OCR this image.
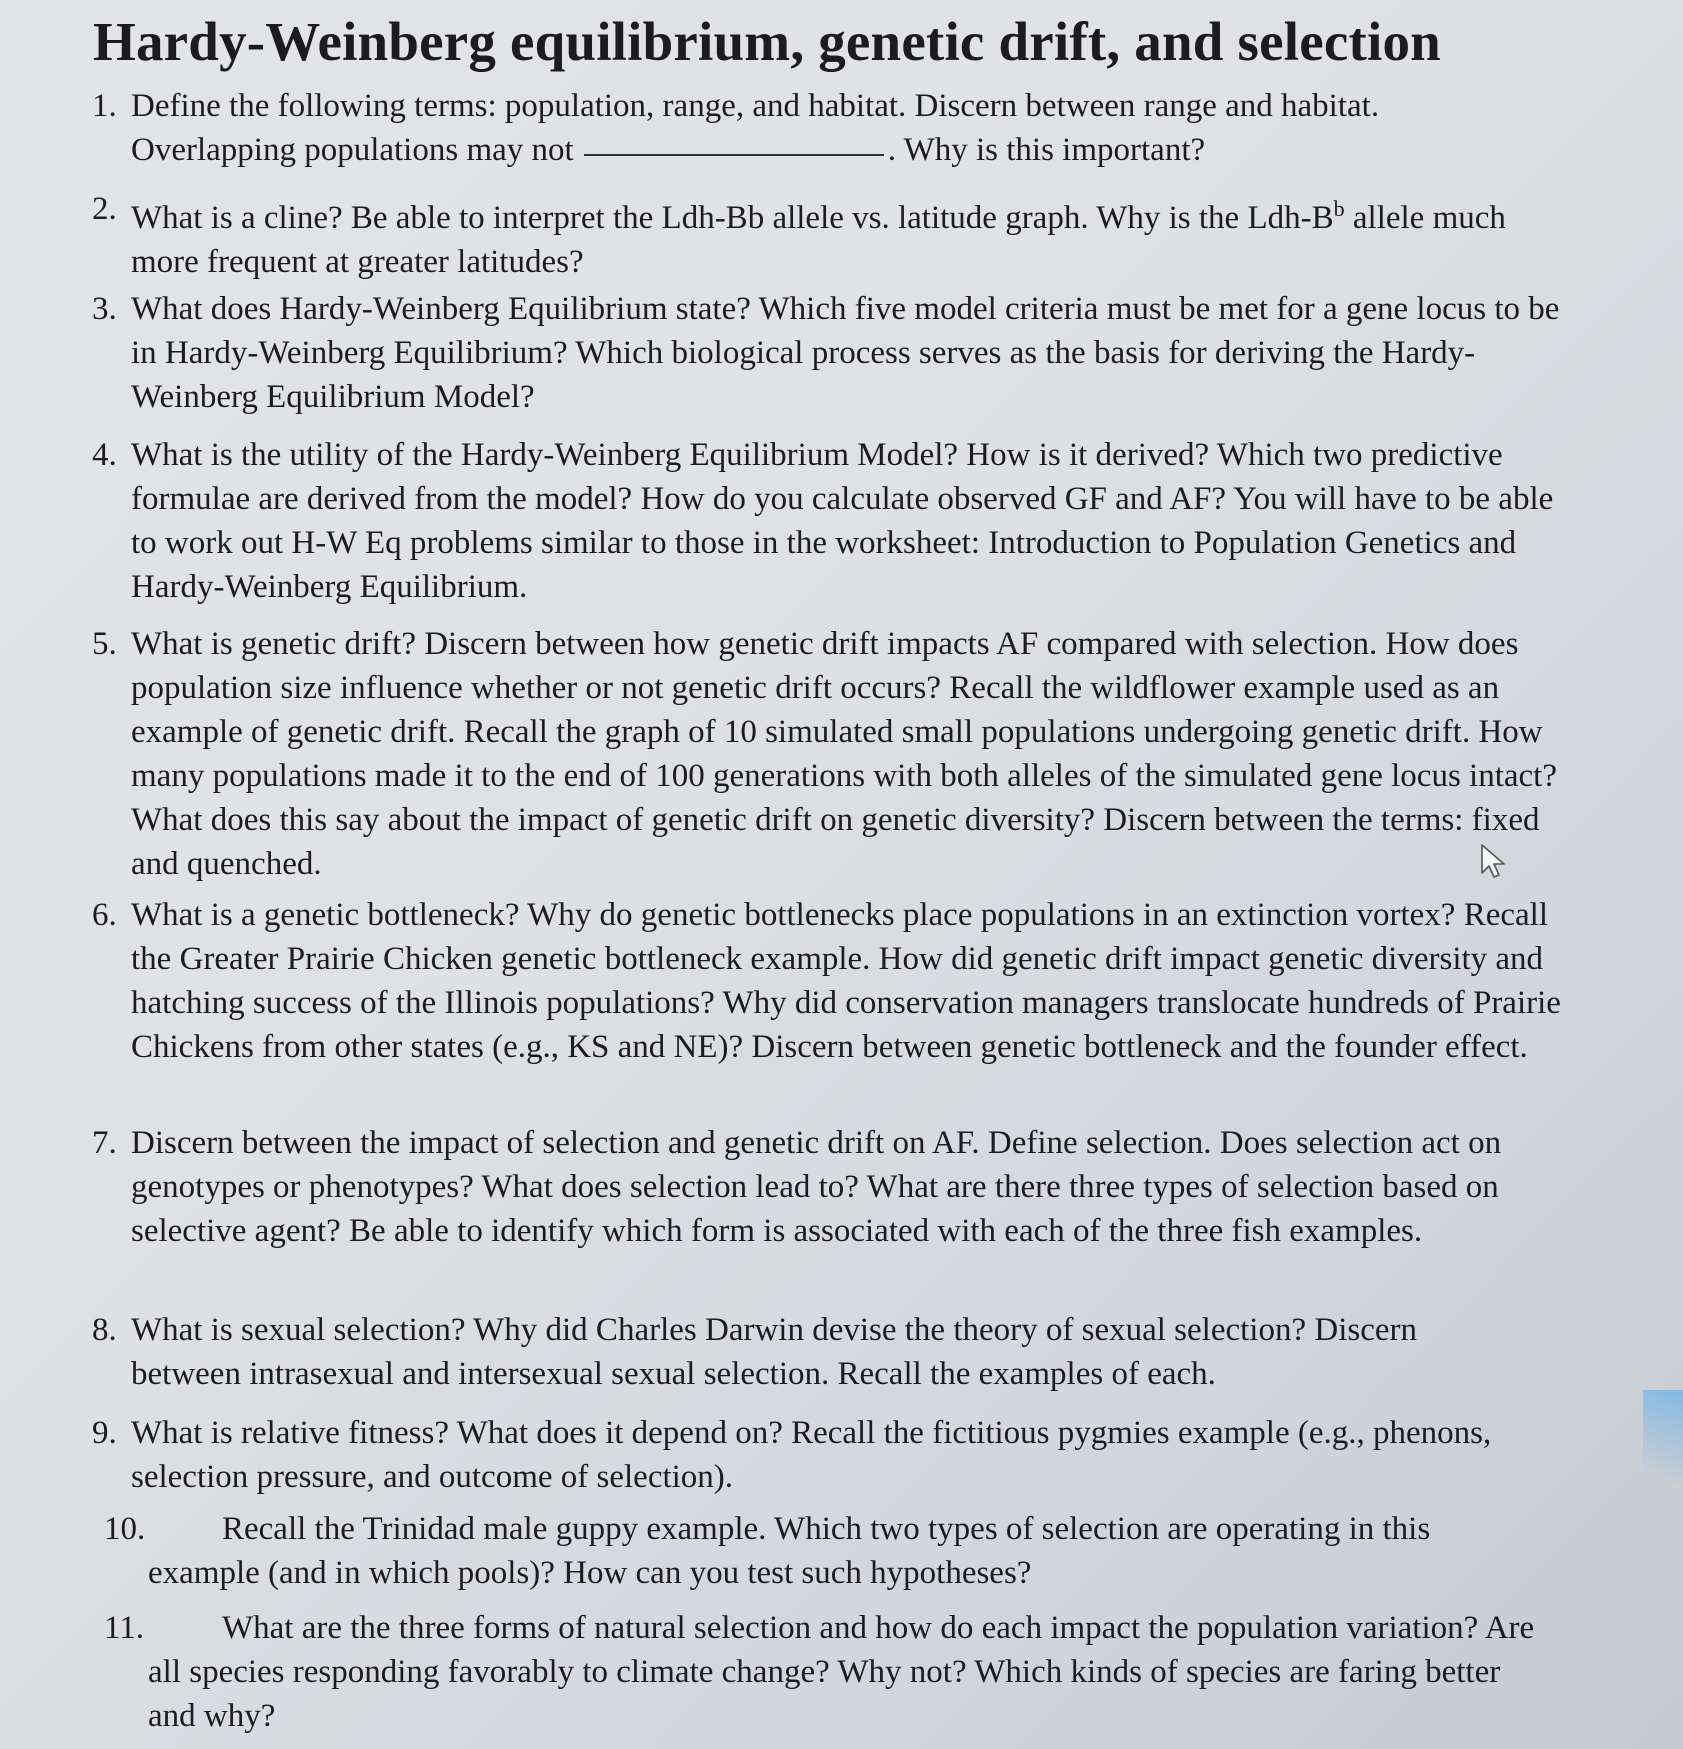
Hardy-Weinberg equilibrium, genetic drift, and selection
1. Define the following terms: population, range, and habitat. Discern between range and habitat. Overlapping populations may not	. Why is this important?
2. What is a cline? Be able to interpret the Ldh-Bb allele vs. latitude graph. Why is the Ldh-$B^b$ allele much more frequent at greater latitudes?
3. What does Hardy-Weinberg Equilibrium state? Which five model criteria must be met for a gene locus to be in Hardy-Weinberg Equilibrium? Which biological process serves as the basis for deriving the Hardy-Weinberg Equilibrium Model?
4. What is the utility of the Hardy-Weinberg Equilibrium Model? How is it derived? Which two predictive formulae are derived from the model? How do you calculate observed GF and AF? You will have to be able to work out H-W Eq problems similar to those in the worksheet: Introduction to Population Genetics and Hardy-Weinberg Equilibrium.
5. What is genetic drift? Discern between how genetic drift impacts AF compared with selection. How does population size influence whether or not genetic drift occurs? Recall the wildflower example used as an example of genetic drift. Recall the graph of 10 simulated small populations undergoing genetic drift. How many populations made it to the end of 100 generations with both alleles of the simulated gene locus intact? What does this say about the impact of genetic drift on genetic diversity? Discern between the terms: fixed and quenched.
6. What is a genetic bottleneck? Why do genetic bottlenecks place populations in an extinction vortex? Recall the Greater Prairie Chicken genetic bottleneck example. How did genetic drift impact genetic diversity and hatching success of the Illinois populations? Why did conservation managers translocate hundreds of Prairie Chickens from other states (e.g., KS and NE)? Discern between genetic bottleneck and the founder effect.
7. Discern between the impact of selection and genetic drift on AF. Define selection. Does selection act on genotypes or phenotypes? What does selection lead to? What are there three types of selection based on selective agent? Be able to identify which form is associated with each of the three fish examples.
8. What is sexual selection? Why did Charles Darwin devise the theory of sexual selection? Discern between intrasexual and intersexual sexual selection. Recall the examples of each.
9. What is relative fitness? What does it depend on? Recall the fictitious pygmies example (e.g., phenons, selection pressure, and outcome of selection).
10.	Recall the Trinidad male guppy example. Which two types of selection are operating in this example (and in which pools)? How can you test such hypotheses?
11.	What are the three forms of natural selection and how do each impact the population variation? Are all species responding favorably to climate change? Why not? Which kinds of species are faring better and why?
